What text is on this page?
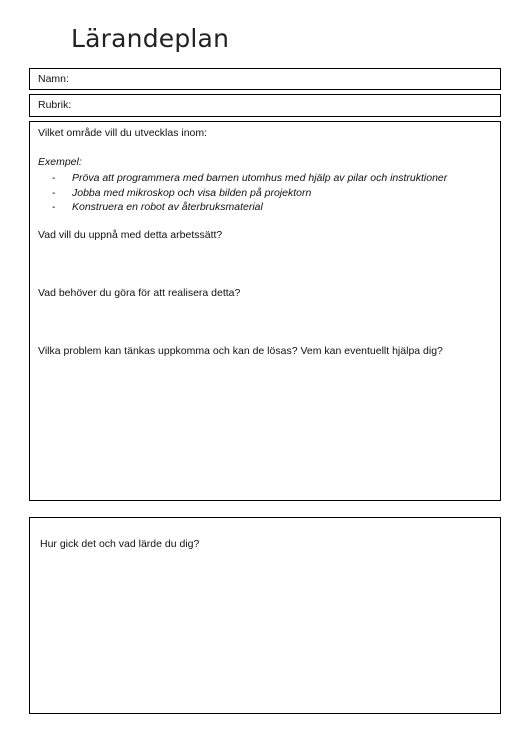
Lärandeplan
Namn:
Rubrik:
Vilket område vill du utvecklas inom:
Exempel:
-	Pröva att programmera med barnen utomhus med hjälp av pilar och instruktioner
-	Jobba med mikroskop och visa bilden på projektorn
-	Konstruera en robot av återbruksmaterial
Vad vill du uppnå med detta arbetssätt?
Vad behöver du göra för att realisera detta?
Vilka problem kan tänkas uppkomma och kan de lösas? Vem kan eventuellt hjälpa dig?
Hur gick det och vad lärde du dig?
